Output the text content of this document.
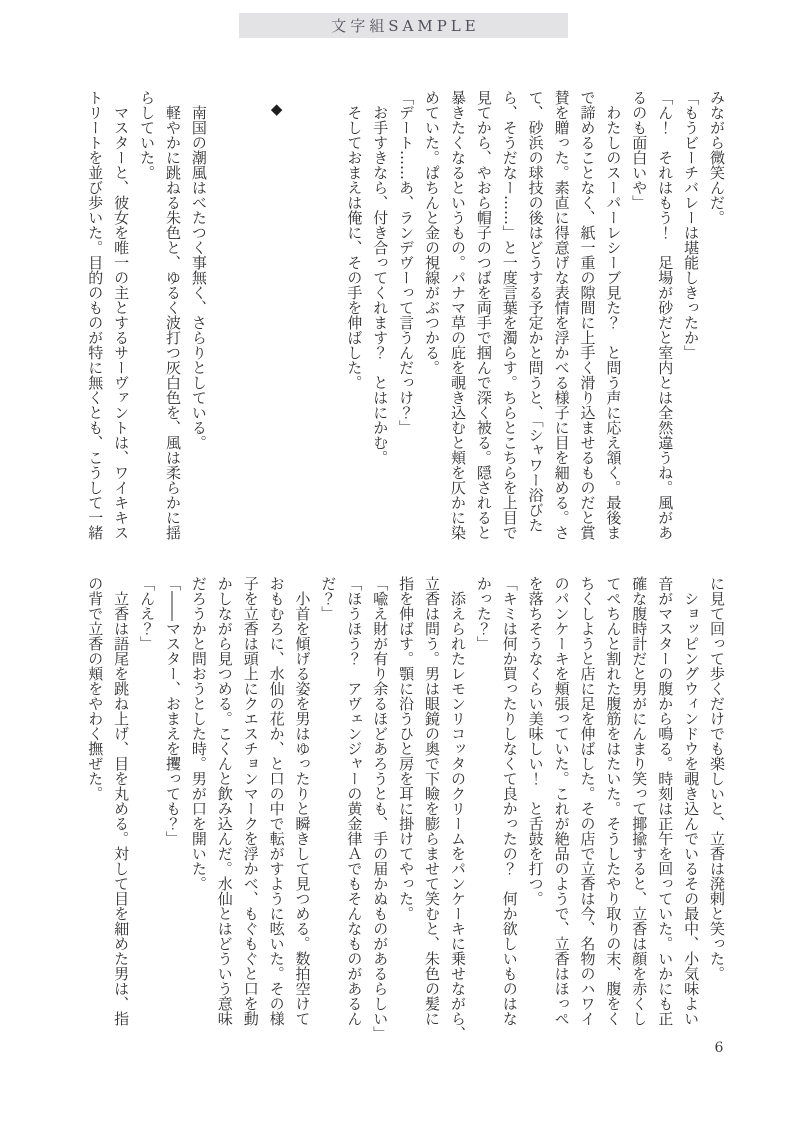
文字組SAMPLE

みながら微笑んだ。

「もうビーチバレーは堪能しきったか」

「ん！　それはもう！　足場が砂だと室内とは全然違うね。風があ

るのも面白いや」

　わたしのスーパーレシーブ見た？　と問う声に応え頷く。最後ま

で諦めることなく、紙一重の隙間に上手く滑り込ませるものだと賞

賛を贈った。素直に得意げな表情を浮かべる様子に目を細める。さ

て、砂浜の球技の後はどうする予定かと問うと、「シャワー浴びた

ら、そうだなー……」と一度言葉を濁らす。ちらとこちらを上目で

見てから、やおら帽子のつばを両手で掴んで深く被る。隠されると

暴きたくなるというもの。パナマ草の庇を覗き込むと頬を仄かに染

めていた。ぱちんと金の視線がぶつかる。

「デート……あ、ランデヴーって言うんだっけ？」

　お手すきなら、付き合ってくれます？　とはにかむ。

　そしておまえは俺に、その手を伸ばした。

◆

　南国の潮風はべたつく事無く、さらりとしている。

　軽やかに跳ねる朱色と、ゆるく波打つ灰白色を、風は柔らかに揺

らしていた。

　マスターと、彼女を唯一の主とするサーヴァントは、ワイキキス

トリートを並び歩いた。目的のものが特に無くとも、こうして一緒

に見て回って歩くだけでも楽しいと、立香は溌剌と笑った。

　ショッピングウィンドウを覗き込んでいるその最中、小気味よい

音がマスターの腹から鳴る。時刻は正午を回っていた。いかにも正

確な腹時計だと男がにんまり笑って揶揄すると、立香は顔を赤くし

てぺちんと割れた腹筋をはたいた。そうしたやり取りの末、腹をく

ちくしようと店に足を伸ばした。その店で立香は今、名物のハワイ

のパンケーキを頬張っていた。これが絶品のようで、立香はほっぺ

を落ちそうなくらい美味しい！　と舌鼓を打つ。

「キミは何か買ったりしなくて良かったの？　何か欲しいものはな

かった？」

　添えられたレモンリコッタのクリームをパンケーキに乗せながら、

立香は問う。男は眼鏡の奥で下瞼を膨らませて笑むと、朱色の髪に

指を伸ばす。顎に沿うひと房を耳に掛けてやった。

「喩え財が有り余るほどあろうとも、手の届かぬものがあるらしい」

「ほうほう？　アヴェンジャーの黄金律Ａでもそんなものがあるん

だ？」

　小首を傾げる姿を男はゆったりと瞬きして見つめる。数拍空けて

おもむろに、水仙の花か、と口の中で転がすように呟いた。その様

子を立香は頭上にクエスチョンマークを浮かべ、もぐもぐと口を動

かしながら見つめる。こくんと飲み込んだ。水仙とはどういう意味

だろうかと問おうとした時。男が口を開いた。

「――マスター、おまえを攫っても？」

「んえ？」

　立香は語尾を跳ね上げ、目を丸める。対して目を細めた男は、指

の背で立香の頬をやわく撫ぜた。

6
